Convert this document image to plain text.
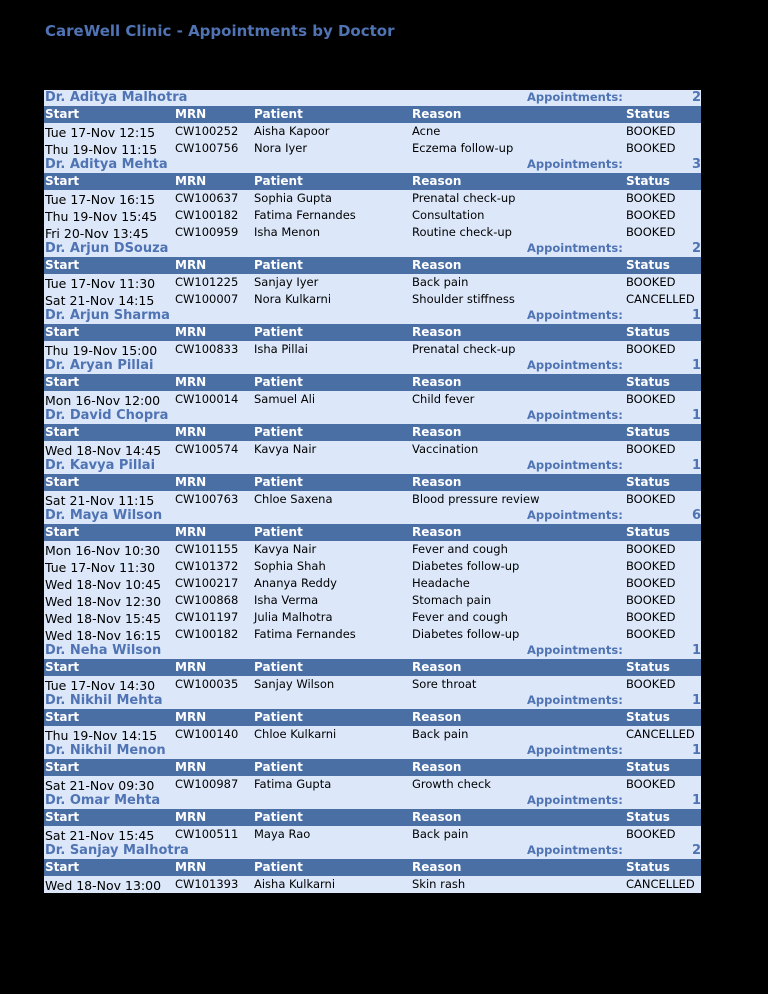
CareWell Clinic - Appointments by Doctor
Dr. Aditya Malhotra	Appointments:	2
Start	MRN	Patient	Reason	Status
Tue 17-Nov 12:15 CW100252 Aisha Kapoor	Acne	BOOKED
Thu 19-Nov 11:15 CW100756 Nora Iyer	Eczema follow-up	BOOKED
Dr. Aditya Mehta	Appointments:	3
Start	MRN	Patient	Reason	Status
Tue 17-Nov 16:15 CW100637 Sophia Gupta	Prenatal check-up	BOOKED
Thu 19-Nov 15:45 CW100182 Fatima Fernandes	Consultation	BOOKED
Fri 20-Nov 13:45 CW100959 Isha Menon	Routine check-up	BOOKED
Dr. Arjun DSouza	Appointments:	2
Start	MRN	Patient	Reason	Status
Tue 17-Nov 11:30 CW101225 Sanjay Iyer	Back pain	BOOKED
Sat 21-Nov 14:15 CW100007 Nora Kulkarni	Shoulder stiffness	CANCELLED
Dr. Arjun Sharma	Appointments:	1
Start	MRN	Patient	Reason	Status
Thu 19-Nov 15:00 CW100833 Isha Pillai	Prenatal check-up	BOOKED
Dr. Aryan Pillai	Appointments:	1
Start	MRN	Patient	Reason	Status
Mon 16-Nov 12:00 CW100014 Samuel Ali	Child fever	BOOKED
Dr. David Chopra	Appointments:	1
Start	MRN	Patient	Reason	Status
Wed 18-Nov 14:45 CW100574 Kavya Nair	Vaccination	BOOKED
Dr. Kavya Pillai	Appointments:	1
Start	MRN	Patient	Reason	Status
Sat 21-Nov 11:15 CW100763 Chloe Saxena	Blood pressure review	BOOKED
Dr. Maya Wilson	Appointments:	6
Start	MRN	Patient	Reason	Status
Mon 16-Nov 10:30 CW101155 Kavya Nair	Fever and cough	BOOKED
Tue 17-Nov 11:30 CW101372 Sophia Shah	Diabetes follow-up	BOOKED
Wed 18-Nov 10:45 CW100217 Ananya Reddy	Headache	BOOKED
Wed 18-Nov 12:30 CW100868 Isha Verma	Stomach pain	BOOKED
Wed 18-Nov 15:45 CW101197 Julia Malhotra	Fever and cough	BOOKED
Wed 18-Nov 16:15 CW100182 Fatima Fernandes	Diabetes follow-up	BOOKED
Dr. Neha Wilson	Appointments:	1
Start	MRN	Patient	Reason	Status
Tue 17-Nov 14:30 CW100035 Sanjay Wilson	Sore throat	BOOKED
Dr. Nikhil Mehta	Appointments:	1
Start	MRN	Patient	Reason	Status
Thu 19-Nov 14:15 CW100140 Chloe Kulkarni	Back pain	CANCELLED
Dr. Nikhil Menon	Appointments:	1
Start	MRN	Patient	Reason	Status
Sat 21-Nov 09:30 CW100987 Fatima Gupta	Growth check	BOOKED
Dr. Omar Mehta	Appointments:	1
Start	MRN	Patient	Reason	Status
Sat 21-Nov 15:45 CW100511 Maya Rao	Back pain	BOOKED
Dr. Sanjay Malhotra	Appointments:	2
Start	MRN	Patient	Reason	Status
Wed 18-Nov 13:00 CW101393 Aisha Kulkarni	Skin rash	CANCELLED
